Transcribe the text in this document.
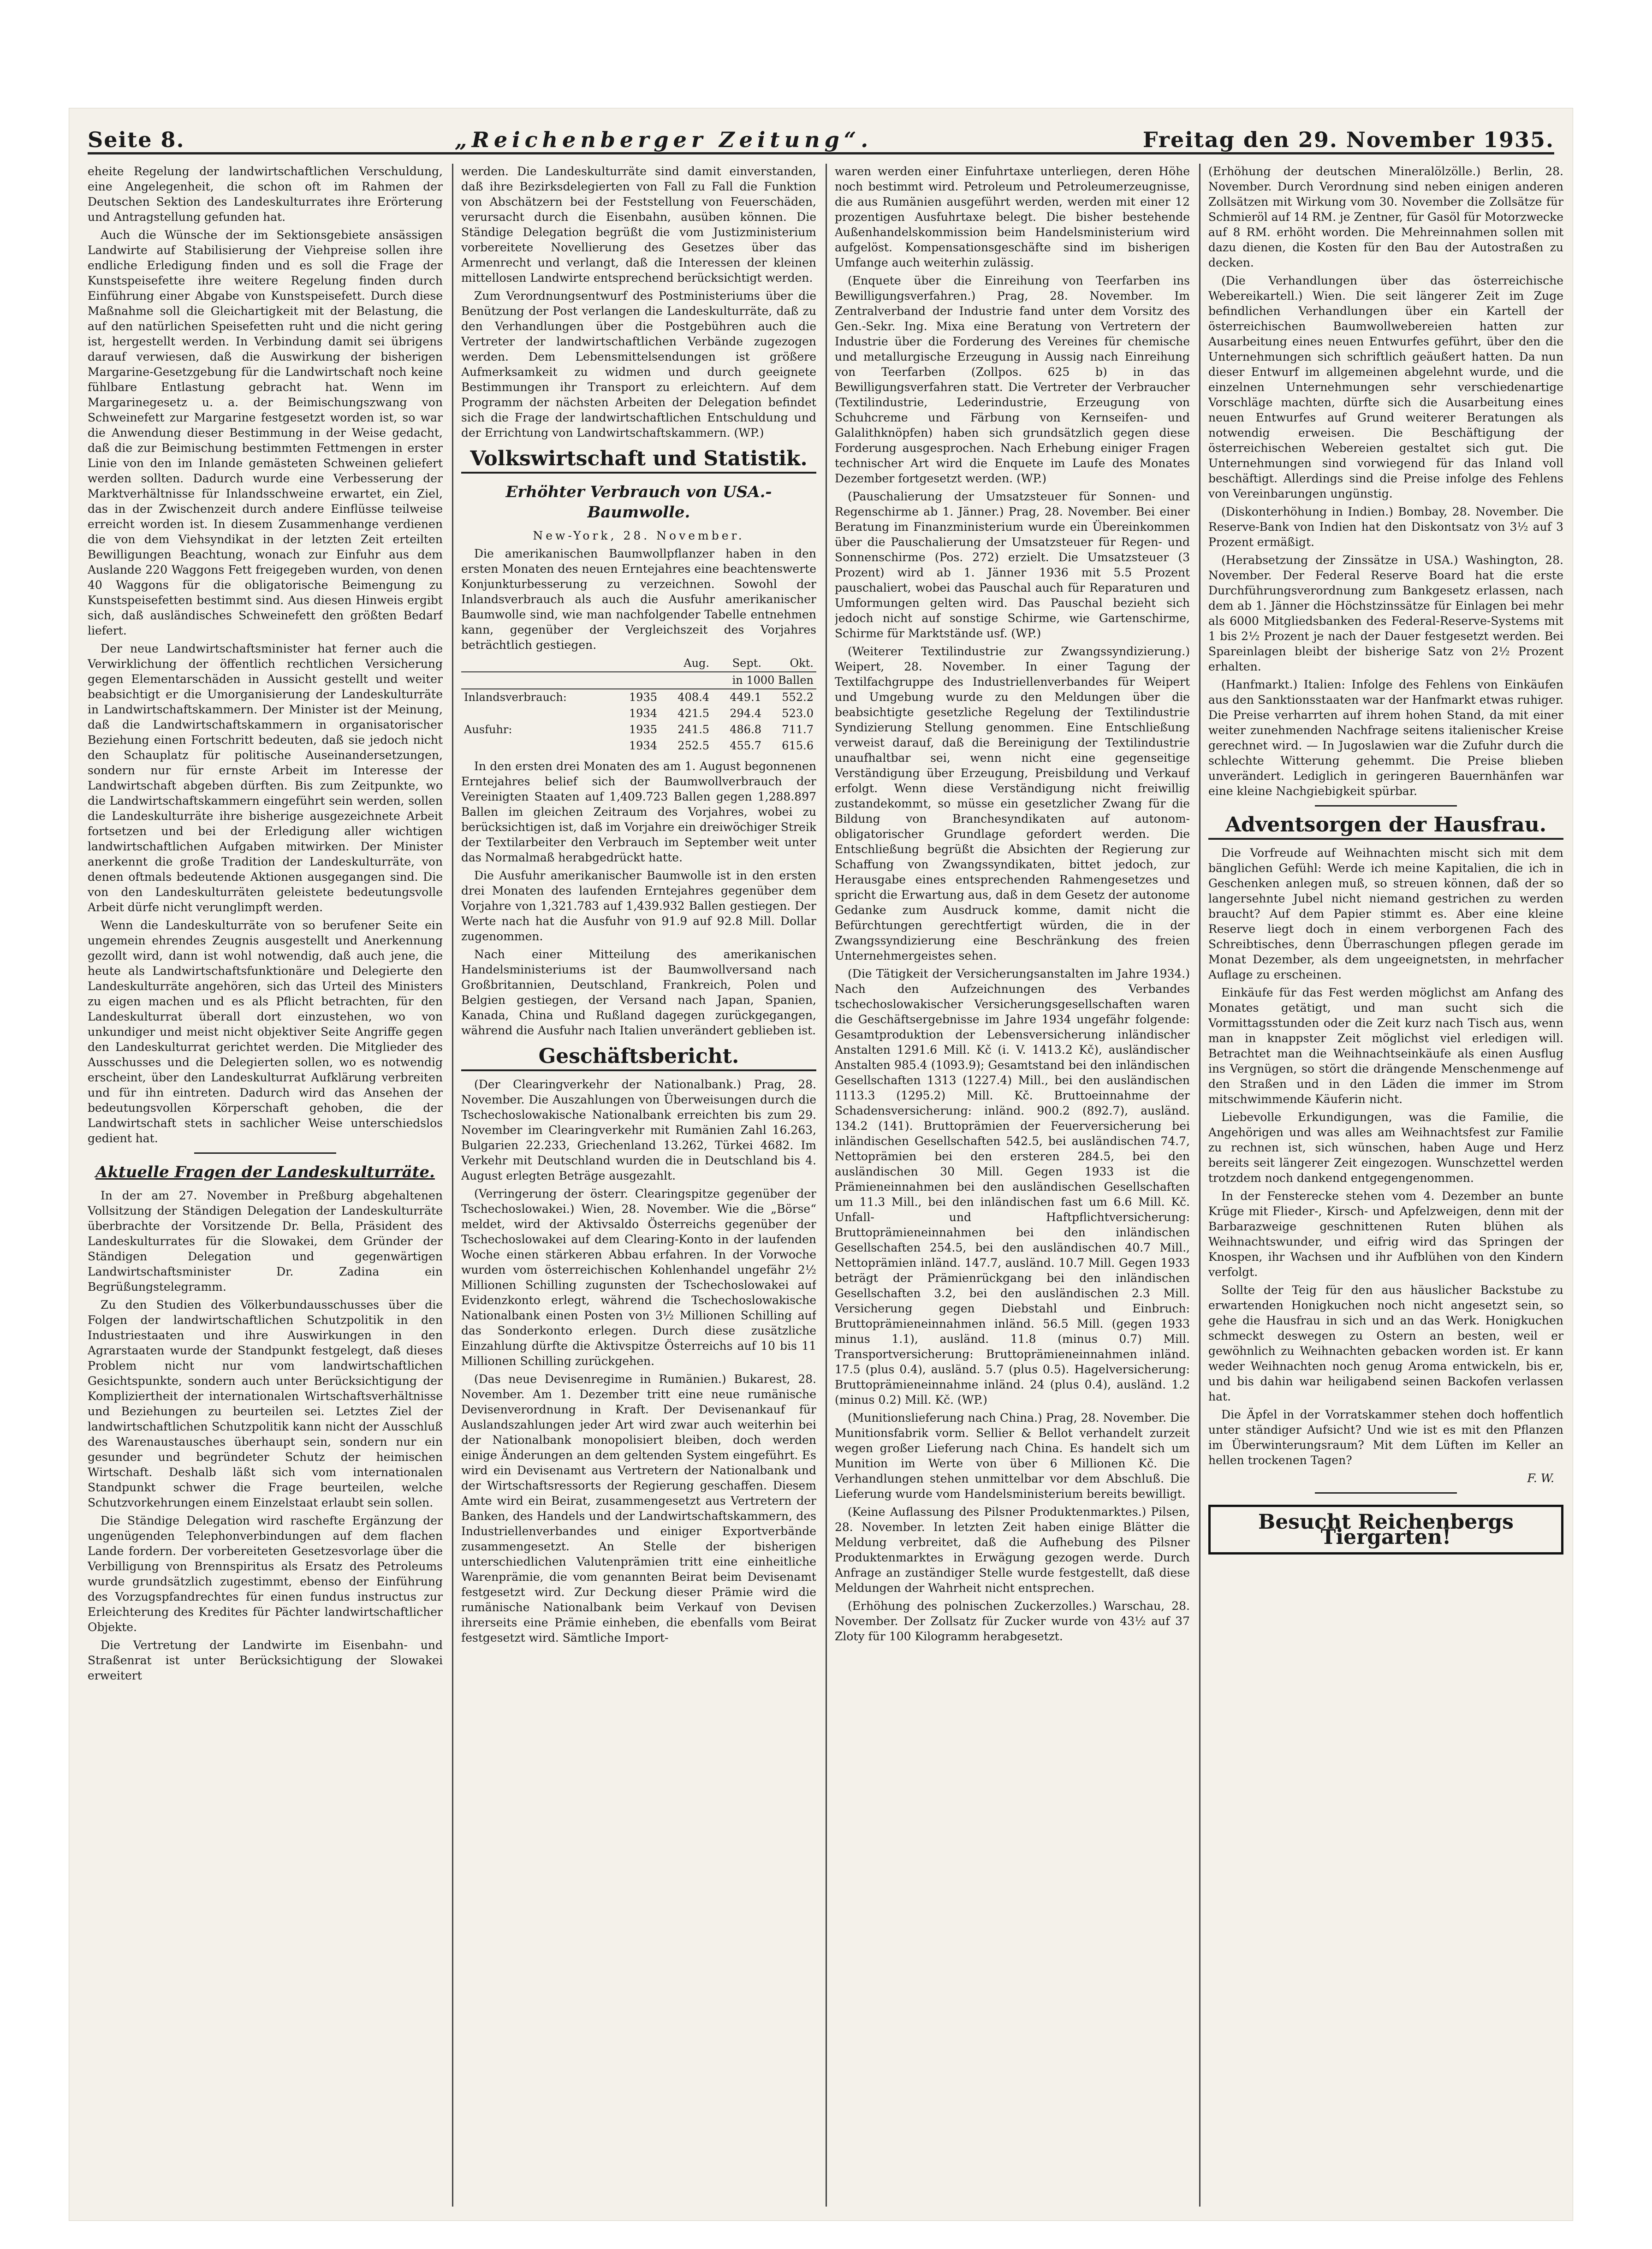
Seite 8.	„Reichenberger Zeitung“.	Freitag den 29. November 1935.

eheite Regelung der landwirtschaftlichen Verschuldung, eine Angelegenheit, die schon oft im Rahmen der Deutschen Sektion des Landeskulturrates ihre Erörterung und Antragstellung gefunden hat.

Auch die Wünsche der im Sektionsgebiete ansässigen Landwirte auf Stabilisierung der Viehpreise sollen ihre endliche Erledigung finden und es soll die Frage der Kunstspeisefette ihre weitere Regelung finden durch Einführung einer Abgabe von Kunstspeisefett. Durch diese Maßnahme soll die Gleichartigkeit mit der Belastung, die auf den natürlichen Speisefetten ruht und die nicht gering ist, hergestellt werden. In Verbindung damit sei übrigens darauf verwiesen, daß die Auswirkung der bisherigen Margarine-Gesetzgebung für die Landwirtschaft noch keine fühlbare Entlastung gebracht hat. Wenn im Margarinegesetz u. a. der Beimischungszwang von Schweinefett zur Margarine festgesetzt worden ist, so war die Anwendung dieser Bestimmung in der Weise gedacht, daß die zur Beimischung bestimmten Fettmengen in erster Linie von den im Inlande gemästeten Schweinen geliefert werden sollten. Dadurch wurde eine Verbesserung der Marktverhältnisse für Inlandsschweine erwartet, ein Ziel, das in der Zwischenzeit durch andere Einflüsse teilweise erreicht worden ist. In diesem Zusammenhange verdienen die von dem Viehsyndikat in der letzten Zeit erteilten Bewilligungen Beachtung, wonach zur Einfuhr aus dem Auslande 220 Waggons Fett freigegeben wurden, von denen 40 Waggons für die obligatorische Beimengung zu Kunstspeisefetten bestimmt sind. Aus diesen Hinweis ergibt sich, daß ausländisches Schweinefett den größten Bedarf liefert.

Der neue Landwirtschaftsminister hat ferner auch die Verwirklichung der öffentlich rechtlichen Versicherung gegen Elementarschäden in Aussicht gestellt und weiter beabsichtigt er die Umorganisierung der Landeskulturräte in Landwirtschaftskammern. Der Minister ist der Meinung, daß die Landwirtschaftskammern in organisatorischer Beziehung einen Fortschritt bedeuten, daß sie jedoch nicht den Schauplatz für politische Auseinandersetzungen, sondern nur für ernste Arbeit im Interesse der Landwirtschaft abgeben dürften. Bis zum Zeitpunkte, wo die Landwirtschaftskammern eingeführt sein werden, sollen die Landeskulturräte ihre bisherige ausgezeichnete Arbeit fortsetzen und bei der Erledigung aller wichtigen landwirtschaftlichen Aufgaben mitwirken. Der Minister anerkennt die große Tradition der Landeskulturräte, von denen oftmals bedeutende Aktionen ausgegangen sind. Die von den Landeskulturräten geleistete bedeutungsvolle Arbeit dürfe nicht verunglimpft werden.

Wenn die Landeskulturräte von so berufener Seite ein ungemein ehrendes Zeugnis ausgestellt und Anerkennung gezollt wird, dann ist wohl notwendig, daß auch jene, die heute als Landwirtschaftsfunktionäre und Delegierte den Landeskulturräte angehören, sich das Urteil des Ministers zu eigen machen und es als Pflicht betrachten, für den Landeskulturrat überall dort einzustehen, wo von unkundiger und meist nicht objektiver Seite Angriffe gegen den Landeskulturrat gerichtet werden. Die Mitglieder des Ausschusses und die Delegierten sollen, wo es notwendig erscheint, über den Landeskulturrat Aufklärung verbreiten und für ihn eintreten. Dadurch wird das Ansehen der bedeutungsvollen Körperschaft gehoben, die der Landwirtschaft stets in sachlicher Weise unterschiedslos gedient hat.

Aktuelle Fragen der Landeskulturräte.

In der am 27. November in Preßburg abgehaltenen Vollsitzung der Ständigen Delegation der Landeskulturräte überbrachte der Vorsitzende Dr. Bella, Präsident des Landeskulturrates für die Slowakei, dem Gründer der Ständigen Delegation und gegenwärtigen Landwirtschaftsminister Dr. Zadina ein Begrüßungstelegramm.

Zu den Studien des Völkerbundausschusses über die Folgen der landwirtschaftlichen Schutzpolitik in den Industriestaaten und ihre Auswirkungen in den Agrarstaaten wurde der Standpunkt festgelegt, daß dieses Problem nicht nur vom landwirtschaftlichen Gesichtspunkte, sondern auch unter Berücksichtigung der Kompliziertheit der internationalen Wirtschaftsverhältnisse und Beziehungen zu beurteilen sei. Letztes Ziel der landwirtschaftlichen Schutzpolitik kann nicht der Ausschluß des Warenaustausches überhaupt sein, sondern nur ein gesunder und begründeter Schutz der heimischen Wirtschaft. Deshalb läßt sich vom internationalen Standpunkt schwer die Frage beurteilen, welche Schutzvorkehrungen einem Einzelstaat erlaubt sein sollen.

Die Ständige Delegation wird raschefte Ergänzung der ungenügenden Telephonverbindungen auf dem flachen Lande fordern. Der vorbereiteten Gesetzesvorlage über die Verbilligung von Brennspiritus als Ersatz des Petroleums wurde grundsätzlich zugestimmt, ebenso der Einführung des Vorzugspfandrechtes für einen fundus instructus zur Erleichterung des Kredites für Pächter landwirtschaftlicher Objekte.

Die Vertretung der Landwirte im Eisenbahn- und Straßenrat ist unter Berücksichtigung der Slowakei erweitert

werden. Die Landeskulturräte sind damit einverstanden, daß ihre Bezirksdelegierten von Fall zu Fall die Funktion von Abschätzern bei der Feststellung von Feuerschäden, verursacht durch die Eisenbahn, ausüben können. Die Ständige Delegation begrüßt die vom Justizministerium vorbereitete Novellierung des Gesetzes über das Armenrecht und verlangt, daß die Interessen der kleinen mittellosen Landwirte entsprechend berücksichtigt werden.

Zum Verordnungsentwurf des Postministeriums über die Benützung der Post verlangen die Landeskulturräte, daß zu den Verhandlungen über die Postgebühren auch die Vertreter der landwirtschaftlichen Verbände zugezogen werden. Dem Lebensmittelsendungen ist größere Aufmerksamkeit zu widmen und durch geeignete Bestimmungen ihr Transport zu erleichtern. Auf dem Programm der nächsten Arbeiten der Delegation befindet sich die Frage der landwirtschaftlichen Entschuldung und der Errichtung von Landwirtschaftskammern. (WP.)

Volkswirtschaft und Statistik.
Erhöhter Verbrauch von USA.-Baumwolle.
New-York, 28. November.

Die amerikanischen Baumwollpflanzer haben in den ersten Monaten des neuen Erntejahres eine beachtenswerte Konjunkturbesserung zu verzeichnen. Sowohl der Inlandsverbrauch als auch die Ausfuhr amerikanischer Baumwolle sind, wie man nachfolgender Tabelle entnehmen kann, gegenüber der Vergleichszeit des Vorjahres beträchtlich gestiegen.

		Aug.	Sept.	Okt.
in 1000 Ballen				
Inlandsverbrauch:	1935	408.4	449.1	552.2
	1934	421.5	294.4	523.0
Ausfuhr:	1935	241.5	486.8	711.7
	1934	252.5	455.7	615.6

In den ersten drei Monaten des am 1. August begonnenen Erntejahres belief sich der Baumwollverbrauch der Vereinigten Staaten auf 1,409.723 Ballen gegen 1,288.897 Ballen im gleichen Zeitraum des Vorjahres, wobei zu berücksichtigen ist, daß im Vorjahre ein dreiwöchiger Streik der Textilarbeiter den Verbrauch im September weit unter das Normalmaß herabgedrückt hatte.

Die Ausfuhr amerikanischer Baumwolle ist in den ersten drei Monaten des laufenden Erntejahres gegenüber dem Vorjahre von 1,321.783 auf 1,439.932 Ballen gestiegen. Der Werte nach hat die Ausfuhr von 91.9 auf 92.8 Mill. Dollar zugenommen.

Nach einer Mitteilung des amerikanischen Handelsministeriums ist der Baumwollversand nach Großbritannien, Deutschland, Frankreich, Polen und Belgien gestiegen, der Versand nach Japan, Spanien, Kanada, China und Rußland dagegen zurückgegangen, während die Ausfuhr nach Italien unverändert geblieben ist.

Geschäftsbericht.

(Der Clearingverkehr der Nationalbank.) Prag, 28. November. Die Auszahlungen von Überweisungen durch die Tschechoslowakische Nationalbank erreichten bis zum 29. November im Clearingverkehr mit Rumänien Zahl 16.263, Bulgarien 22.233, Griechenland 13.262, Türkei 4682. Im Verkehr mit Deutschland wurden die in Deutschland bis 4. August erlegten Beträge ausgezahlt.

(Verringerung der österr. Clearingspitze gegenüber der Tschechoslowakei.) Wien, 28. November. Wie die „Börse“ meldet, wird der Aktivsaldo Österreichs gegenüber der Tschechoslowakei auf dem Clearing-Konto in der laufenden Woche einen stärkeren Abbau erfahren. In der Vorwoche wurden vom österreichischen Kohlenhandel ungefähr 2½ Millionen Schilling zugunsten der Tschechoslowakei auf Evidenzkonto erlegt, während die Tschechoslowakische Nationalbank einen Posten von 3½ Millionen Schilling auf das Sonderkonto erlegen. Durch diese zusätzliche Einzahlung dürfte die Aktivspitze Österreichs auf 10 bis 11 Millionen Schilling zurückgehen.

(Das neue Devisenregime in Rumänien.) Bukarest, 28. November. Am 1. Dezember tritt eine neue rumänische Devisenverordnung in Kraft. Der Devisenankauf für Auslandszahlungen jeder Art wird zwar auch weiterhin bei der Nationalbank monopolisiert bleiben, doch werden einige Änderungen an dem geltenden System eingeführt. Es wird ein Devisenamt aus Vertretern der Nationalbank und der Wirtschaftsressorts der Regierung geschaffen. Diesem Amte wird ein Beirat, zusammengesetzt aus Vertretern der Banken, des Handels und der Landwirtschaftskammern, des Industriellenverbandes und einiger Exportverbände zusammengesetzt. An Stelle der bisherigen unterschiedlichen Valutenprämien tritt eine einheitliche Warenprämie, die vom genannten Beirat beim Devisenamt festgesetzt wird. Zur Deckung dieser Prämie wird die rumänische Nationalbank beim Verkauf von Devisen ihrerseits eine Prämie einheben, die ebenfalls vom Beirat festgesetzt wird. Sämtliche Import-

waren werden einer Einfuhrtaxe unterliegen, deren Höhe noch bestimmt wird. Petroleum und Petroleumerzeugnisse, die aus Rumänien ausgeführt werden, werden mit einer 12 prozentigen Ausfuhrtaxe belegt. Die bisher bestehende Außenhandelskommission beim Handelsministerium wird aufgelöst. Kompensationsgeschäfte sind im bisherigen Umfange auch weiterhin zulässig.

(Enquete über die Einreihung von Teerfarben ins Bewilligungsverfahren.) Prag, 28. November. Im Zentralverband der Industrie fand unter dem Vorsitz des Gen.-Sekr. Ing. Mixa eine Beratung von Vertretern der Industrie über die Forderung des Vereines für chemische und metallurgische Erzeugung in Aussig nach Einreihung von Teerfarben (Zollpos. 625 b) in das Bewilligungsverfahren statt. Die Vertreter der Verbraucher (Textilindustrie, Lederindustrie, Erzeugung von Schuhcreme und Färbung von Kernseifen- und Galalithknöpfen) haben sich grundsätzlich gegen diese Forderung ausgesprochen. Nach Erhebung einiger Fragen technischer Art wird die Enquete im Laufe des Monates Dezember fortgesetzt werden. (WP.)

(Pauschalierung der Umsatzsteuer für Sonnen- und Regenschirme ab 1. Jänner.) Prag, 28. November. Bei einer Beratung im Finanzministerium wurde ein Übereinkommen über die Pauschalierung der Umsatzsteuer für Regen- und Sonnenschirme (Pos. 272) erzielt. Die Umsatzsteuer (3 Prozent) wird ab 1. Jänner 1936 mit 5.5 Prozent pauschaliert, wobei das Pauschal auch für Reparaturen und Umformungen gelten wird. Das Pauschal bezieht sich jedoch nicht auf sonstige Schirme, wie Gartenschirme, Schirme für Marktstände usf. (WP.)

(Weiterer Textilindustrie zur Zwangssyndizierung.) Weipert, 28. November. In einer Tagung der Textilfachgruppe des Industriellenverbandes für Weipert und Umgebung wurde zu den Meldungen über die beabsichtigte gesetzliche Regelung der Textilindustrie Syndizierung Stellung genommen. Eine Entschließung verweist darauf, daß die Bereinigung der Textilindustrie unaufhaltbar sei, wenn nicht eine gegenseitige Verständigung über Erzeugung, Preisbildung und Verkauf erfolgt. Wenn diese Verständigung nicht freiwillig zustandekommt, so müsse ein gesetzlicher Zwang für die Bildung von Branchesyndikaten auf autonom-obligatorischer Grundlage gefordert werden. Die Entschließung begrüßt die Absichten der Regierung zur Schaffung von Zwangssyndikaten, bittet jedoch, zur Herausgabe eines entsprechenden Rahmengesetzes und spricht die Erwartung aus, daß in dem Gesetz der autonome Gedanke zum Ausdruck komme, damit nicht die Befürchtungen gerechtfertigt würden, die in der Zwangssyndizierung eine Beschränkung des freien Unternehmergeistes sehen.

(Die Tätigkeit der Versicherungsanstalten im Jahre 1934.) Nach den Aufzeichnungen des Verbandes tschechoslowakischer Versicherungsgesellschaften waren die Geschäftsergebnisse im Jahre 1934 ungefähr folgende: Gesamtproduktion der Lebensversicherung inländischer Anstalten 1291.6 Mill. Kč (i. V. 1413.2 Kč), ausländischer Anstalten 985.4 (1093.9); Gesamtstand bei den inländischen Gesellschaften 1313 (1227.4) Mill., bei den ausländischen 1113.3 (1295.2) Mill. Kč. Bruttoeinnahme der Schadensversicherung: inländ. 900.2 (892.7), ausländ. 134.2 (141). Bruttoprämien der Feuerversicherung bei inländischen Gesellschaften 542.5, bei ausländischen 74.7, Nettoprämien bei den ersteren 284.5, bei den ausländischen 30 Mill. Gegen 1933 ist die Prämieneinnahmen bei den ausländischen Gesellschaften um 11.3 Mill., bei den inländischen fast um 6.6 Mill. Kč. Unfall- und Haftpflichtversicherung: Bruttoprämieneinnahmen bei den inländischen Gesellschaften 254.5, bei den ausländischen 40.7 Mill., Nettoprämien inländ. 147.7, ausländ. 10.7 Mill. Gegen 1933 beträgt der Prämienrückgang bei den inländischen Gesellschaften 3.2, bei den ausländischen 2.3 Mill. Versicherung gegen Diebstahl und Einbruch: Bruttoprämieneinnahmen inländ. 56.5 Mill. (gegen 1933 minus 1.1), ausländ. 11.8 (minus 0.7) Mill. Transportversicherung: Bruttoprämieneinnahmen inländ. 17.5 (plus 0.4), ausländ. 5.7 (plus 0.5). Hagelversicherung: Bruttoprämieneinnahme inländ. 24 (plus 0.4), ausländ. 1.2 (minus 0.2) Mill. Kč. (WP.)

(Munitionslieferung nach China.) Prag, 28. November. Die Munitionsfabrik vorm. Sellier & Bellot verhandelt zurzeit wegen großer Lieferung nach China. Es handelt sich um Munition im Werte von über 6 Millionen Kč. Die Verhandlungen stehen unmittelbar vor dem Abschluß. Die Lieferung wurde vom Handelsministerium bereits bewilligt.

(Keine Auflassung des Pilsner Produktenmarktes.) Pilsen, 28. November. In letzten Zeit haben einige Blätter die Meldung verbreitet, daß die Aufhebung des Pilsner Produktenmarktes in Erwägung gezogen werde. Durch Anfrage an zuständiger Stelle wurde festgestellt, daß diese Meldungen der Wahrheit nicht entsprechen.

(Erhöhung des polnischen Zuckerzolles.) Warschau, 28. November. Der Zollsatz für Zucker wurde von 43½ auf 37 Zloty für 100 Kilogramm herabgesetzt.

(Erhöhung der deutschen Mineralölzölle.) Berlin, 28. November. Durch Verordnung sind neben einigen anderen Zollsätzen mit Wirkung vom 30. November die Zollsätze für Schmieröl auf 14 RM. je Zentner, für Gasöl für Motorzwecke auf 8 RM. erhöht worden. Die Mehreinnahmen sollen mit dazu dienen, die Kosten für den Bau der Autostraßen zu decken.

(Die Verhandlungen über das österreichische Webereikartell.) Wien. Die seit längerer Zeit im Zuge befindlichen Verhandlungen über ein Kartell der österreichischen Baumwollwebereien hatten zur Ausarbeitung eines neuen Entwurfes geführt, über den die Unternehmungen sich schriftlich geäußert hatten. Da nun dieser Entwurf im allgemeinen abgelehnt wurde, und die einzelnen Unternehmungen sehr verschiedenartige Vorschläge machten, dürfte sich die Ausarbeitung eines neuen Entwurfes auf Grund weiterer Beratungen als notwendig erweisen. Die Beschäftigung der österreichischen Webereien gestaltet sich gut. Die Unternehmungen sind vorwiegend für das Inland voll beschäftigt. Allerdings sind die Preise infolge des Fehlens von Vereinbarungen ungünstig.

(Diskonterhöhung in Indien.) Bombay, 28. November. Die Reserve-Bank von Indien hat den Diskontsatz von 3½ auf 3 Prozent ermäßigt.

(Herabsetzung der Zinssätze in USA.) Washington, 28. November. Der Federal Reserve Board hat die erste Durchführungsverordnung zum Bankgesetz erlassen, nach dem ab 1. Jänner die Höchstzinssätze für Einlagen bei mehr als 6000 Mitgliedsbanken des Federal-Reserve-Systems mit 1 bis 2½ Prozent je nach der Dauer festgesetzt werden. Bei Spareinlagen bleibt der bisherige Satz von 2½ Prozent erhalten.

(Hanfmarkt.) Italien: Infolge des Fehlens von Einkäufen aus den Sanktionsstaaten war der Hanfmarkt etwas ruhiger. Die Preise verharrten auf ihrem hohen Stand, da mit einer weiter zunehmenden Nachfrage seitens italienischer Kreise gerechnet wird. — In Jugoslawien war die Zufuhr durch die schlechte Witterung gehemmt. Die Preise blieben unverändert. Lediglich in geringeren Bauernhänfen war eine kleine Nachgiebigkeit spürbar.

Adventsorgen der Hausfrau.

Die Vorfreude auf Weihnachten mischt sich mit dem bänglichen Gefühl: Werde ich meine Kapitalien, die ich in Geschenken anlegen muß, so streuen können, daß der so langersehnte Jubel nicht niemand gestrichen zu werden braucht? Auf dem Papier stimmt es. Aber eine kleine Reserve liegt doch in einem verborgenen Fach des Schreibtisches, denn Überraschungen pflegen gerade im Monat Dezember, als dem ungeeignetsten, in mehrfacher Auflage zu erscheinen.

Einkäufe für das Fest werden möglichst am Anfang des Monates getätigt, und man sucht sich die Vormittagsstunden oder die Zeit kurz nach Tisch aus, wenn man in knappster Zeit möglichst viel erledigen will. Betrachtet man die Weihnachtseinkäufe als einen Ausflug ins Vergnügen, so stört die drängende Menschenmenge auf den Straßen und in den Läden die immer im Strom mitschwimmende Käuferin nicht.

Liebevolle Erkundigungen, was die Familie, die Angehörigen und was alles am Weihnachtsfest zur Familie zu rechnen ist, sich wünschen, haben Auge und Herz bereits seit längerer Zeit eingezogen. Wunschzettel werden trotzdem noch dankend entgegengenommen.

In der Fensterecke stehen vom 4. Dezember an bunte Krüge mit Flieder-, Kirsch- und Apfelzweigen, denn mit der Barbarazweige geschnittenen Ruten blühen als Weihnachtswunder, und eifrig wird das Springen der Knospen, ihr Wachsen und ihr Aufblühen von den Kindern verfolgt.

Sollte der Teig für den aus häuslicher Backstube zu erwartenden Honigkuchen noch nicht angesetzt sein, so gehe die Hausfrau in sich und an das Werk. Honigkuchen schmeckt deswegen zu Ostern an besten, weil er gewöhnlich zu Weihnachten gebacken worden ist. Er kann weder Weihnachten noch genug Aroma entwickeln, bis er, und bis dahin war heiligabend seinen Backofen verlassen hat.

Die Äpfel in der Vorratskammer stehen doch hoffentlich unter ständiger Aufsicht? Und wie ist es mit den Pflanzen im Überwinterungsraum? Mit dem Lüften im Keller an hellen trockenen Tagen?

F. W.
Besucht Reichenbergs Tiergarten!
